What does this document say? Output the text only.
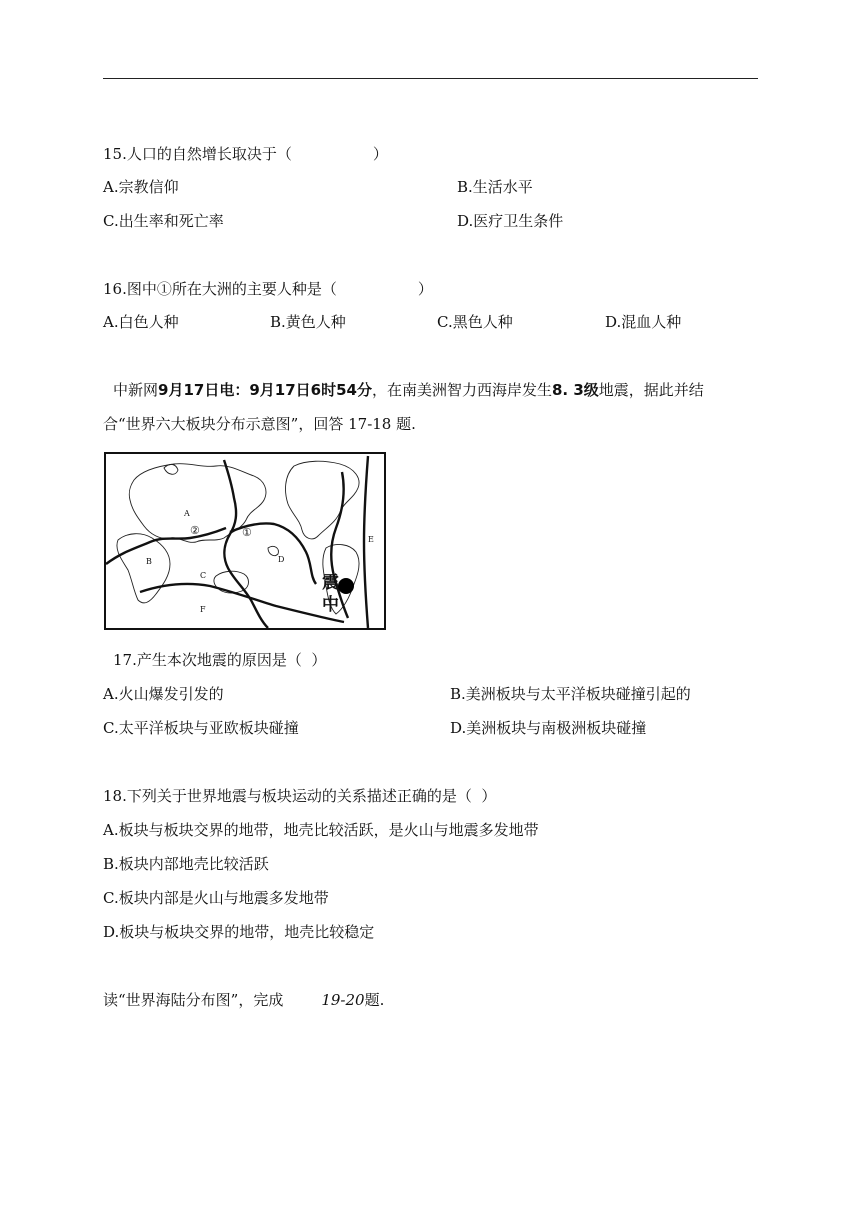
15.人口的自然增长取决于（                 ）
A.宗教信仰	B.生活水平
C.出生率和死亡率	D.医疗卫生条件
16.图中①所在大洲的主要人种是（                 ）
A.白色人种	B.黄色人种	C.黑色人种	D.混血人种
中新网9月17日电：9月17日6时54分，在南美洲智力西海岸发生8. 3级地震，据此并结
合“世界六大板块分布示意图”，回答 17-18 题.
A
B
C
D
E
F
②	①
震
中
17.产生本次地震的原因是（  ）
A.火山爆发引发的	B.美洲板块与太平洋板块碰撞引起的
C.太平洋板块与亚欧板块碰撞	D.美洲板块与南极洲板块碰撞
18.下列关于世界地震与板块运动的关系描述正确的是（  ）
A.板块与板块交界的地带，地壳比较活跃，是火山与地震多发地带
B.板块内部地壳比较活跃
C.板块内部是火山与地震多发地带
D.板块与板块交界的地带，地壳比较稳定
读“世界海陆分布图”，完成	19-20题.
